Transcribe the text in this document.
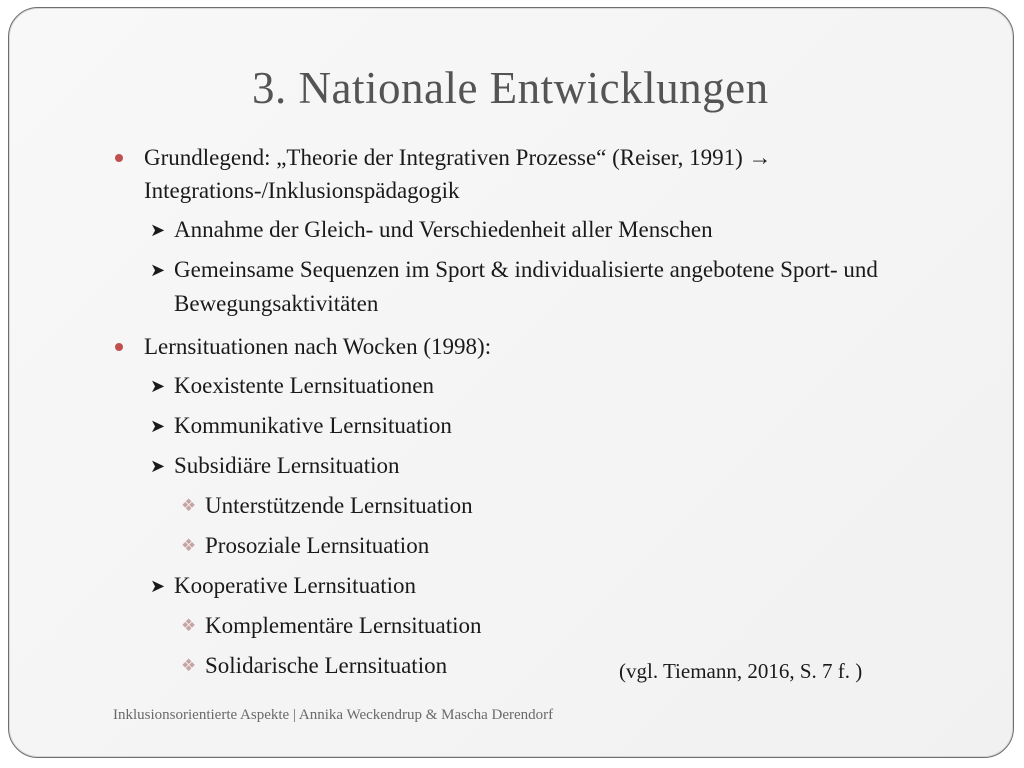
3. Nationale Entwicklungen
Grundlegend: „Theorie der Integrativen Prozesse“ (Reiser, 1991) →
Integrations-/Inklusionspädagogik
➤ Annahme der Gleich- und Verschiedenheit aller Menschen
➤ Gemeinsame Sequenzen im Sport & individualisierte angebotene Sport- und
Bewegungsaktivitäten
Lernsituationen nach Wocken (1998):
➤ Koexistente Lernsituationen
➤ Kommunikative Lernsituation
➤ Subsidiäre Lernsituation
❖ Unterstützende Lernsituation
❖ Prosoziale Lernsituation
➤ Kooperative Lernsituation
❖ Komplementäre Lernsituation
❖ Solidarische Lernsituation	(vgl. Tiemann, 2016, S. 7 f. )
Inklusionsorientierte Aspekte | Annika Weckendrup & Mascha Derendorf
